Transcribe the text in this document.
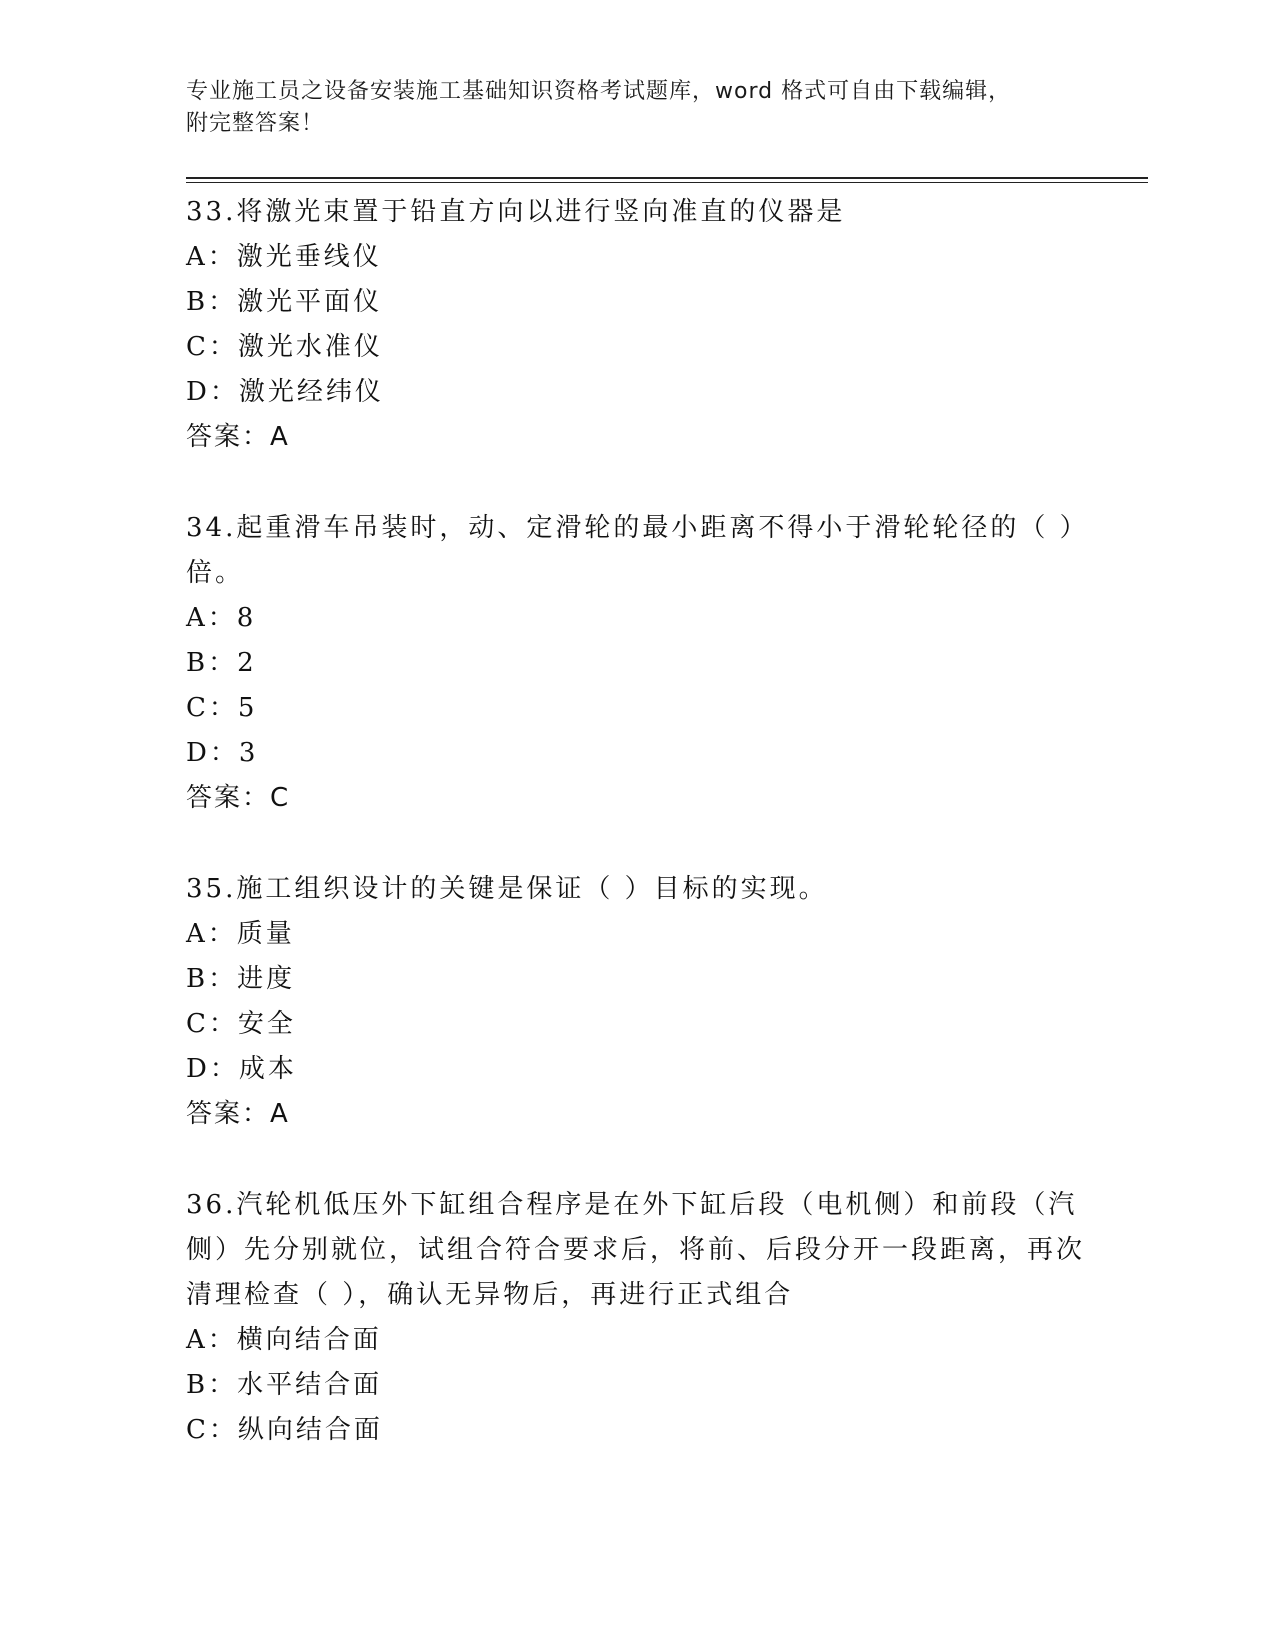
专业施工员之设备安装施工基础知识资格考试题库，word 格式可自由下载编辑，
附完整答案！
33.将激光束置于铅直方向以进行竖向准直的仪器是
A：激光垂线仪
B：激光平面仪
C：激光水准仪
D：激光经纬仪
答案：A
34.起重滑车吊装时，动、定滑轮的最小距离不得小于滑轮轮径的（ ）倍。
A：8
B：2
C：5
D：3
答案：C
35.施工组织设计的关键是保证（ ）目标的实现。
A：质量
B：进度
C：安全
D：成本
答案：A
36.汽轮机低压外下缸组合程序是在外下缸后段（电机侧）和前段（汽侧）先分别就位，试组合符合要求后，将前、后段分开一段距离，再次清理检查（ ），确认无异物后，再进行正式组合
A：横向结合面
B：水平结合面
C：纵向结合面
